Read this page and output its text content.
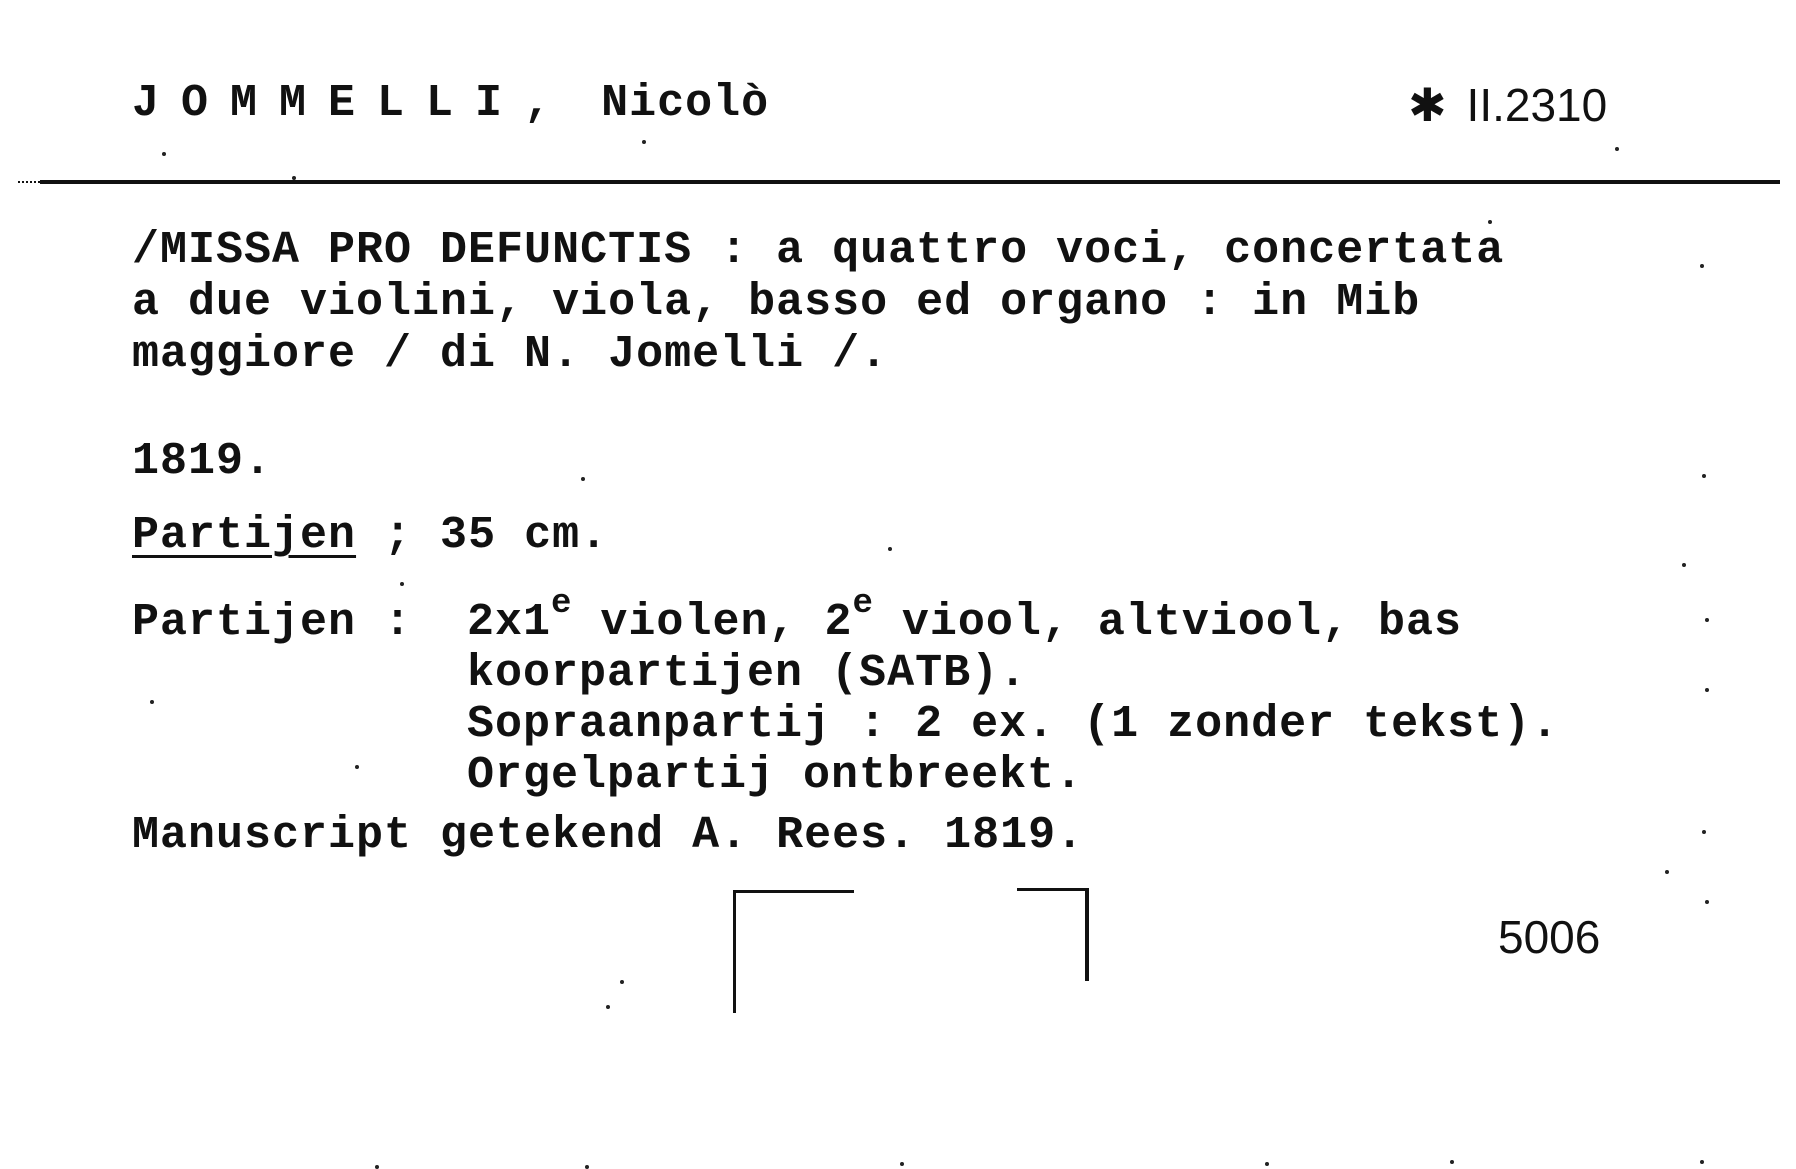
JOMMELLI, Nicolò	✱ II.2310
/MISSA PRO DEFUNCTIS : a quattro voci, concertata
a due violini, viola, basso ed organo : in Mib
maggiore / di N. Jomelli /.
1819.
Partijen ; 35 cm.
Partijen : 2x1e violen, 2e viool, altviool, bas
koorpartijen (SATB).
Sopraanpartij : 2 ex. (1 zonder tekst).
Orgelpartij ontbreekt.
Manuscript getekend A. Rees. 1819.
5006
